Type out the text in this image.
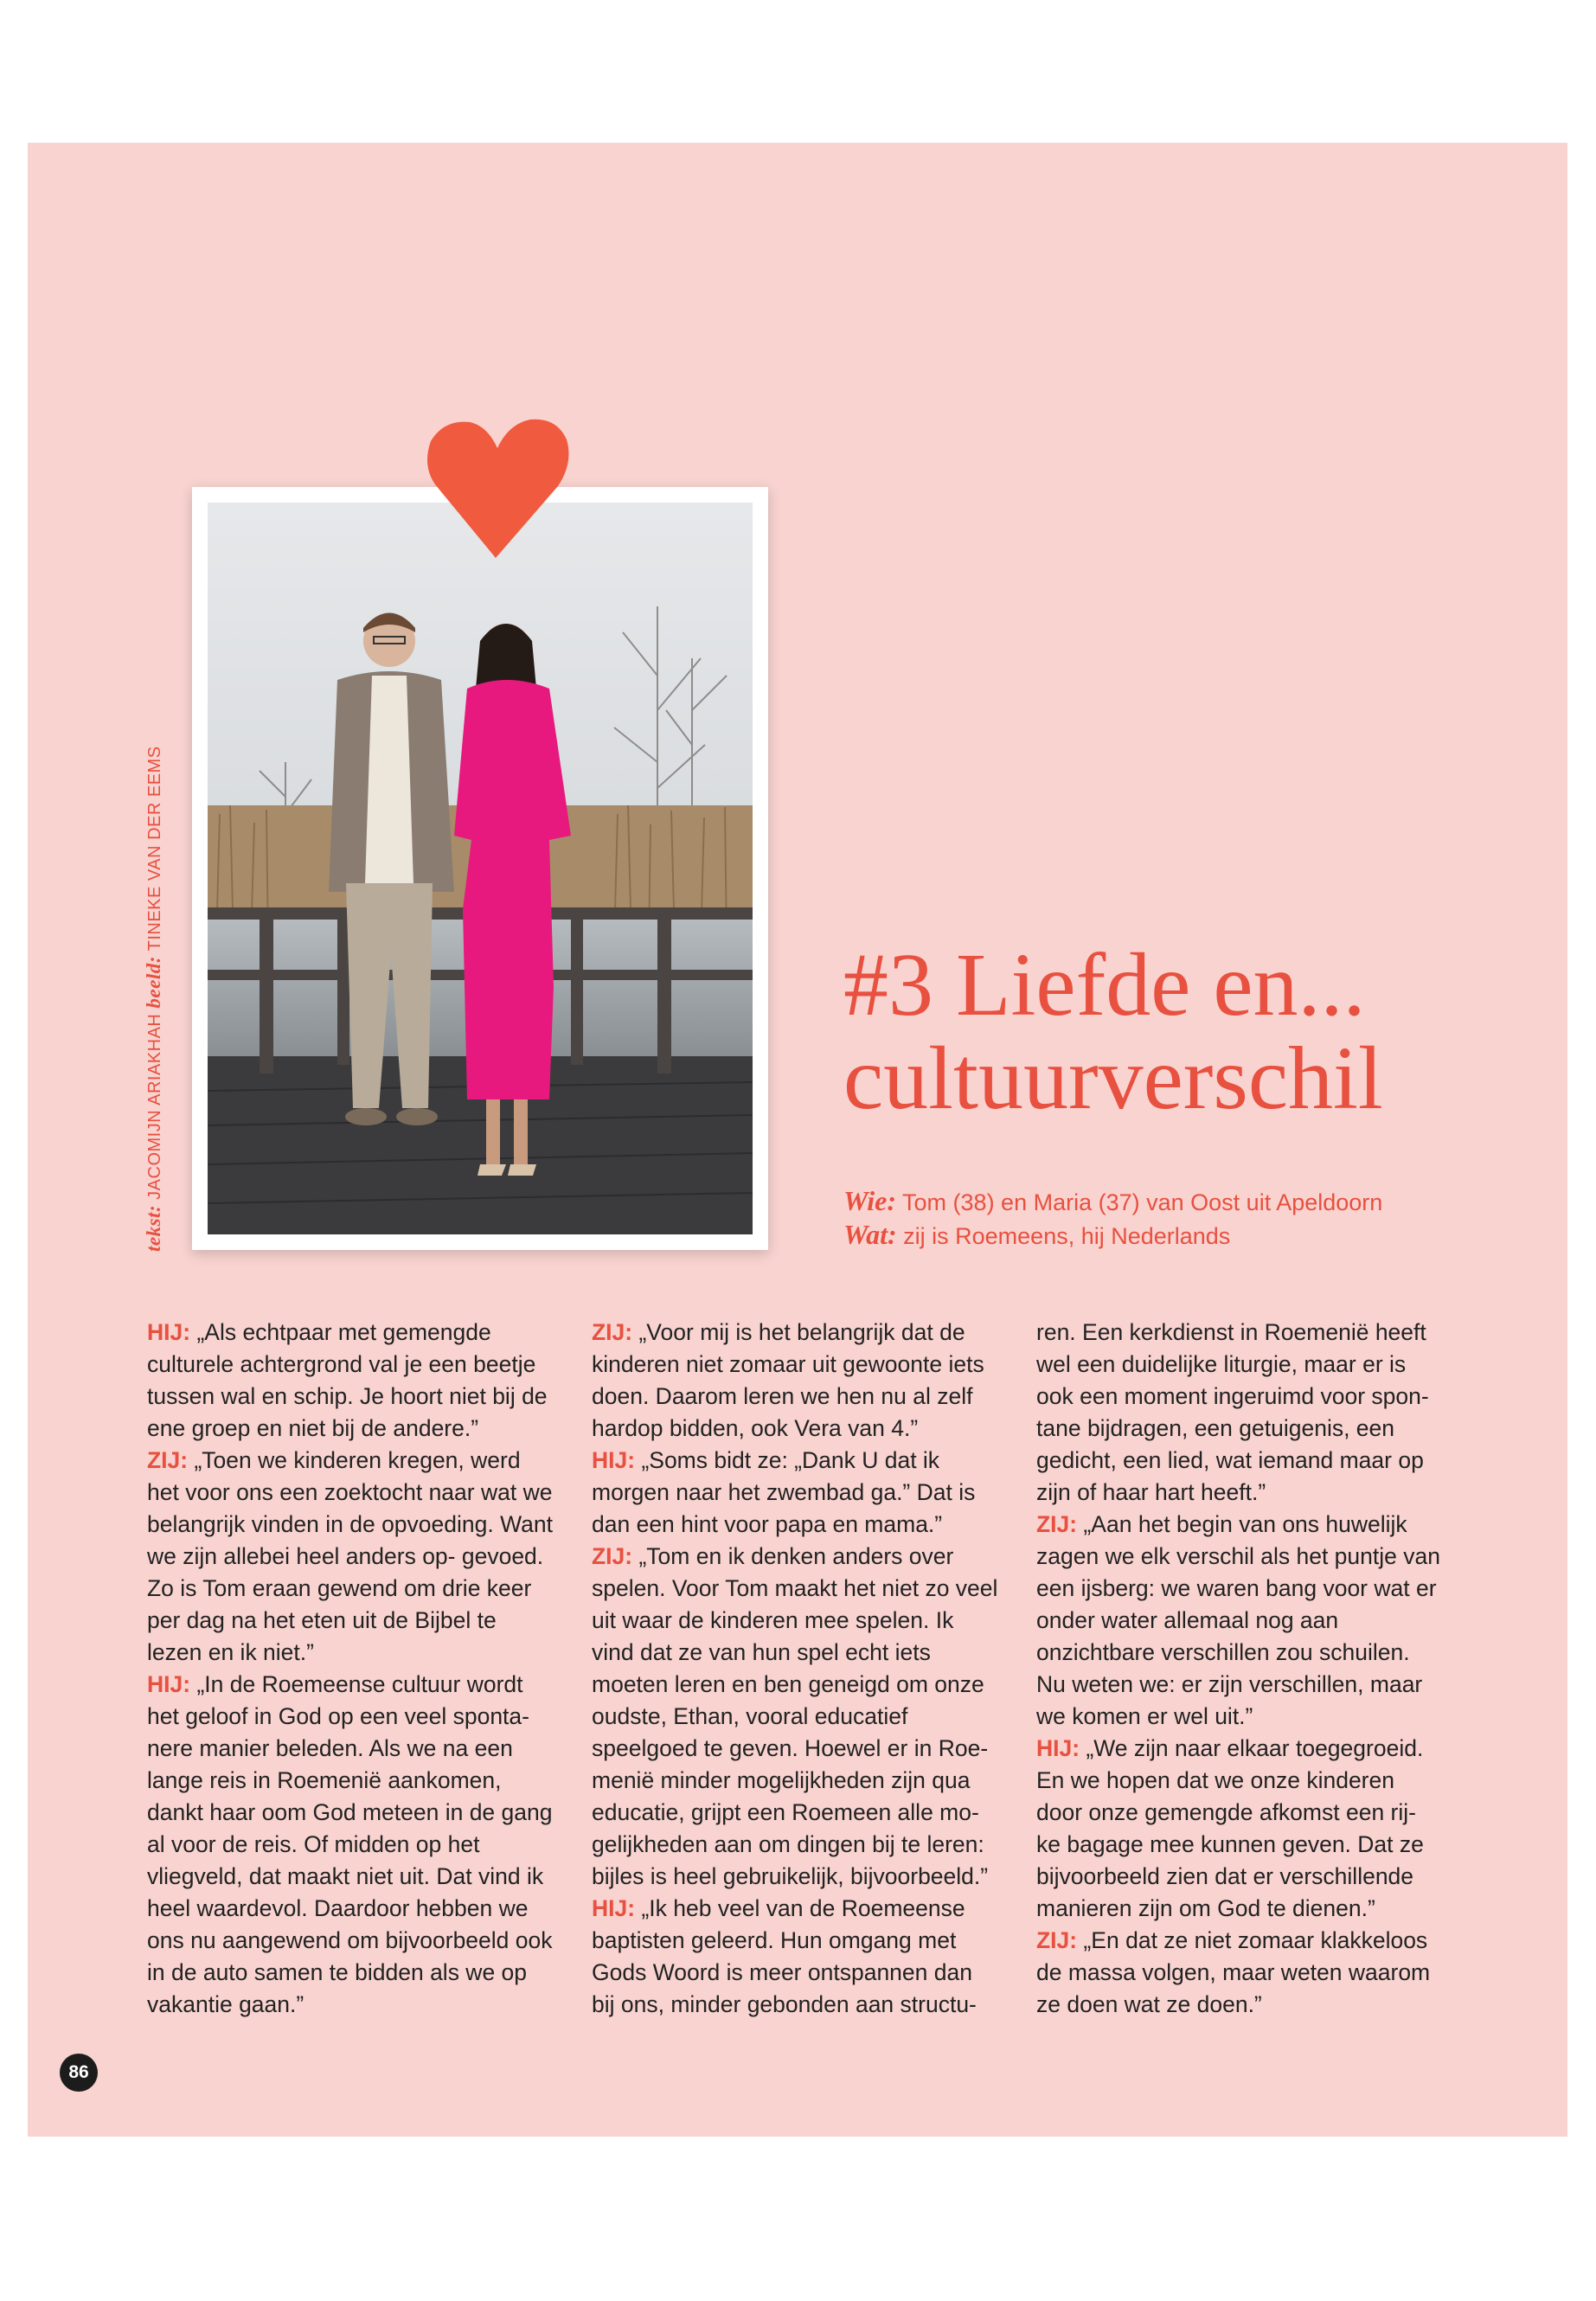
tekst: JACOMIJN ARIAKHAH beeld: TINEKE VAN DER EEMS
#3 Liefde en...
cultuurverschil
Wie: Tom (38) en Maria (37) van Oost uit Apeldoorn
Wat: zij is Roemeens, hij Nederlands

HIJ: „Als echtpaar met gemengde culturele achtergrond val je een beetje tussen wal en schip. Je hoort niet bij de ene groep en niet bij de andere.”

ZIJ: „Toen we kinderen kregen, werd het voor ons een zoektocht naar wat we belangrijk vinden in de opvoeding. Want we zijn allebei heel anders op- gevoed. Zo is Tom eraan gewend om drie keer per dag na het eten uit de Bijbel te lezen en ik niet.”

HIJ: „In de Roemeense cultuur wordt het geloof in God op een veel sponta- nere manier beleden. Als we na een lange reis in Roemenië aankomen, dankt haar oom God meteen in de gang al voor de reis. Of midden op het vliegveld, dat maakt niet uit. Dat vind ik heel waardevol. Daardoor hebben we ons nu aangewend om bijvoorbeeld ook in de auto samen te bidden als we op vakantie gaan.”

ZIJ: „Voor mij is het belangrijk dat de kinderen niet zomaar uit gewoonte iets doen. Daarom leren we hen nu al zelf hardop bidden, ook Vera van 4.”

HIJ: „Soms bidt ze: „Dank U dat ik morgen naar het zwembad ga.” Dat is dan een hint voor papa en mama.”

ZIJ: „Tom en ik denken anders over spelen. Voor Tom maakt het niet zo veel uit waar de kinderen mee spelen. Ik vind dat ze van hun spel echt iets moeten leren en ben geneigd om onze oudste, Ethan, vooral educatief speelgoed te geven. Hoewel er in Roe- menië minder mogelijkheden zijn qua educatie, grijpt een Roemeen alle mo- gelijkheden aan om dingen bij te leren: bijles is heel gebruikelijk, bijvoorbeeld.”

HIJ: „Ik heb veel van de Roemeense baptisten geleerd. Hun omgang met Gods Woord is meer ontspannen dan bij ons, minder gebonden aan structu-

ren. Een kerkdienst in Roemenië heeft wel een duidelijke liturgie, maar er is ook een moment ingeruimd voor spon- tane bijdragen, een getuigenis, een gedicht, een lied, wat iemand maar op zijn of haar hart heeft.”

ZIJ: „Aan het begin van ons huwelijk zagen we elk verschil als het puntje van een ijsberg: we waren bang voor wat er onder water allemaal nog aan onzichtbare verschillen zou schuilen. Nu weten we: er zijn verschillen, maar we komen er wel uit.”

HIJ: „We zijn naar elkaar toegegroeid. En we hopen dat we onze kinderen door onze gemengde afkomst een rij- ke bagage mee kunnen geven. Dat ze bijvoorbeeld zien dat er verschillende manieren zijn om God te dienen.”

ZIJ: „En dat ze niet zomaar klakkeloos de massa volgen, maar weten waarom ze doen wat ze doen.”

86
